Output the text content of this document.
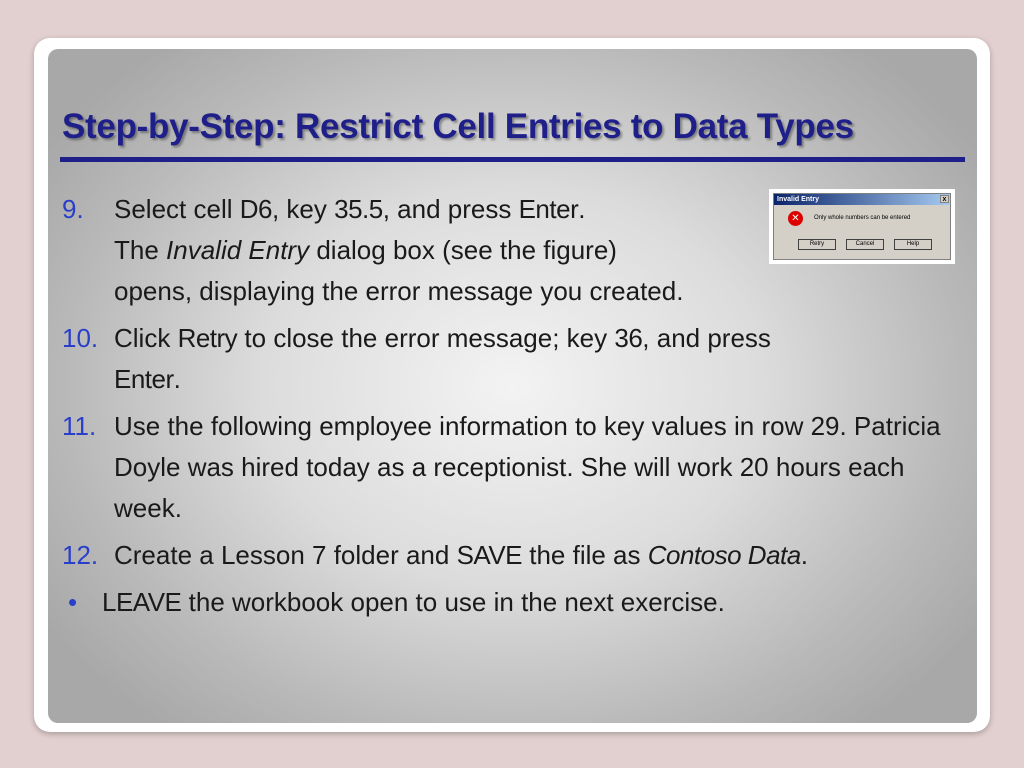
Step-by-Step: Restrict Cell Entries to Data Types
Invalid Entry	x
✕	Only whole numbers can be entered
Retry	Cancel	Help
9. Select cell D6, key 35.5, and press Enter.
The Invalid Entry dialog box (see the figure)
opens, displaying the error message you created.
10. Click Retry to close the error message; key 36, and press
Enter.
11. Use the following employee information to key values in row 29. Patricia Doyle was hired today as a receptionist. She will work 20 hours each week.
12. Create a Lesson 7 folder and SAVE the file as Contoso Data.
• LEAVE the workbook open to use in the next exercise.
